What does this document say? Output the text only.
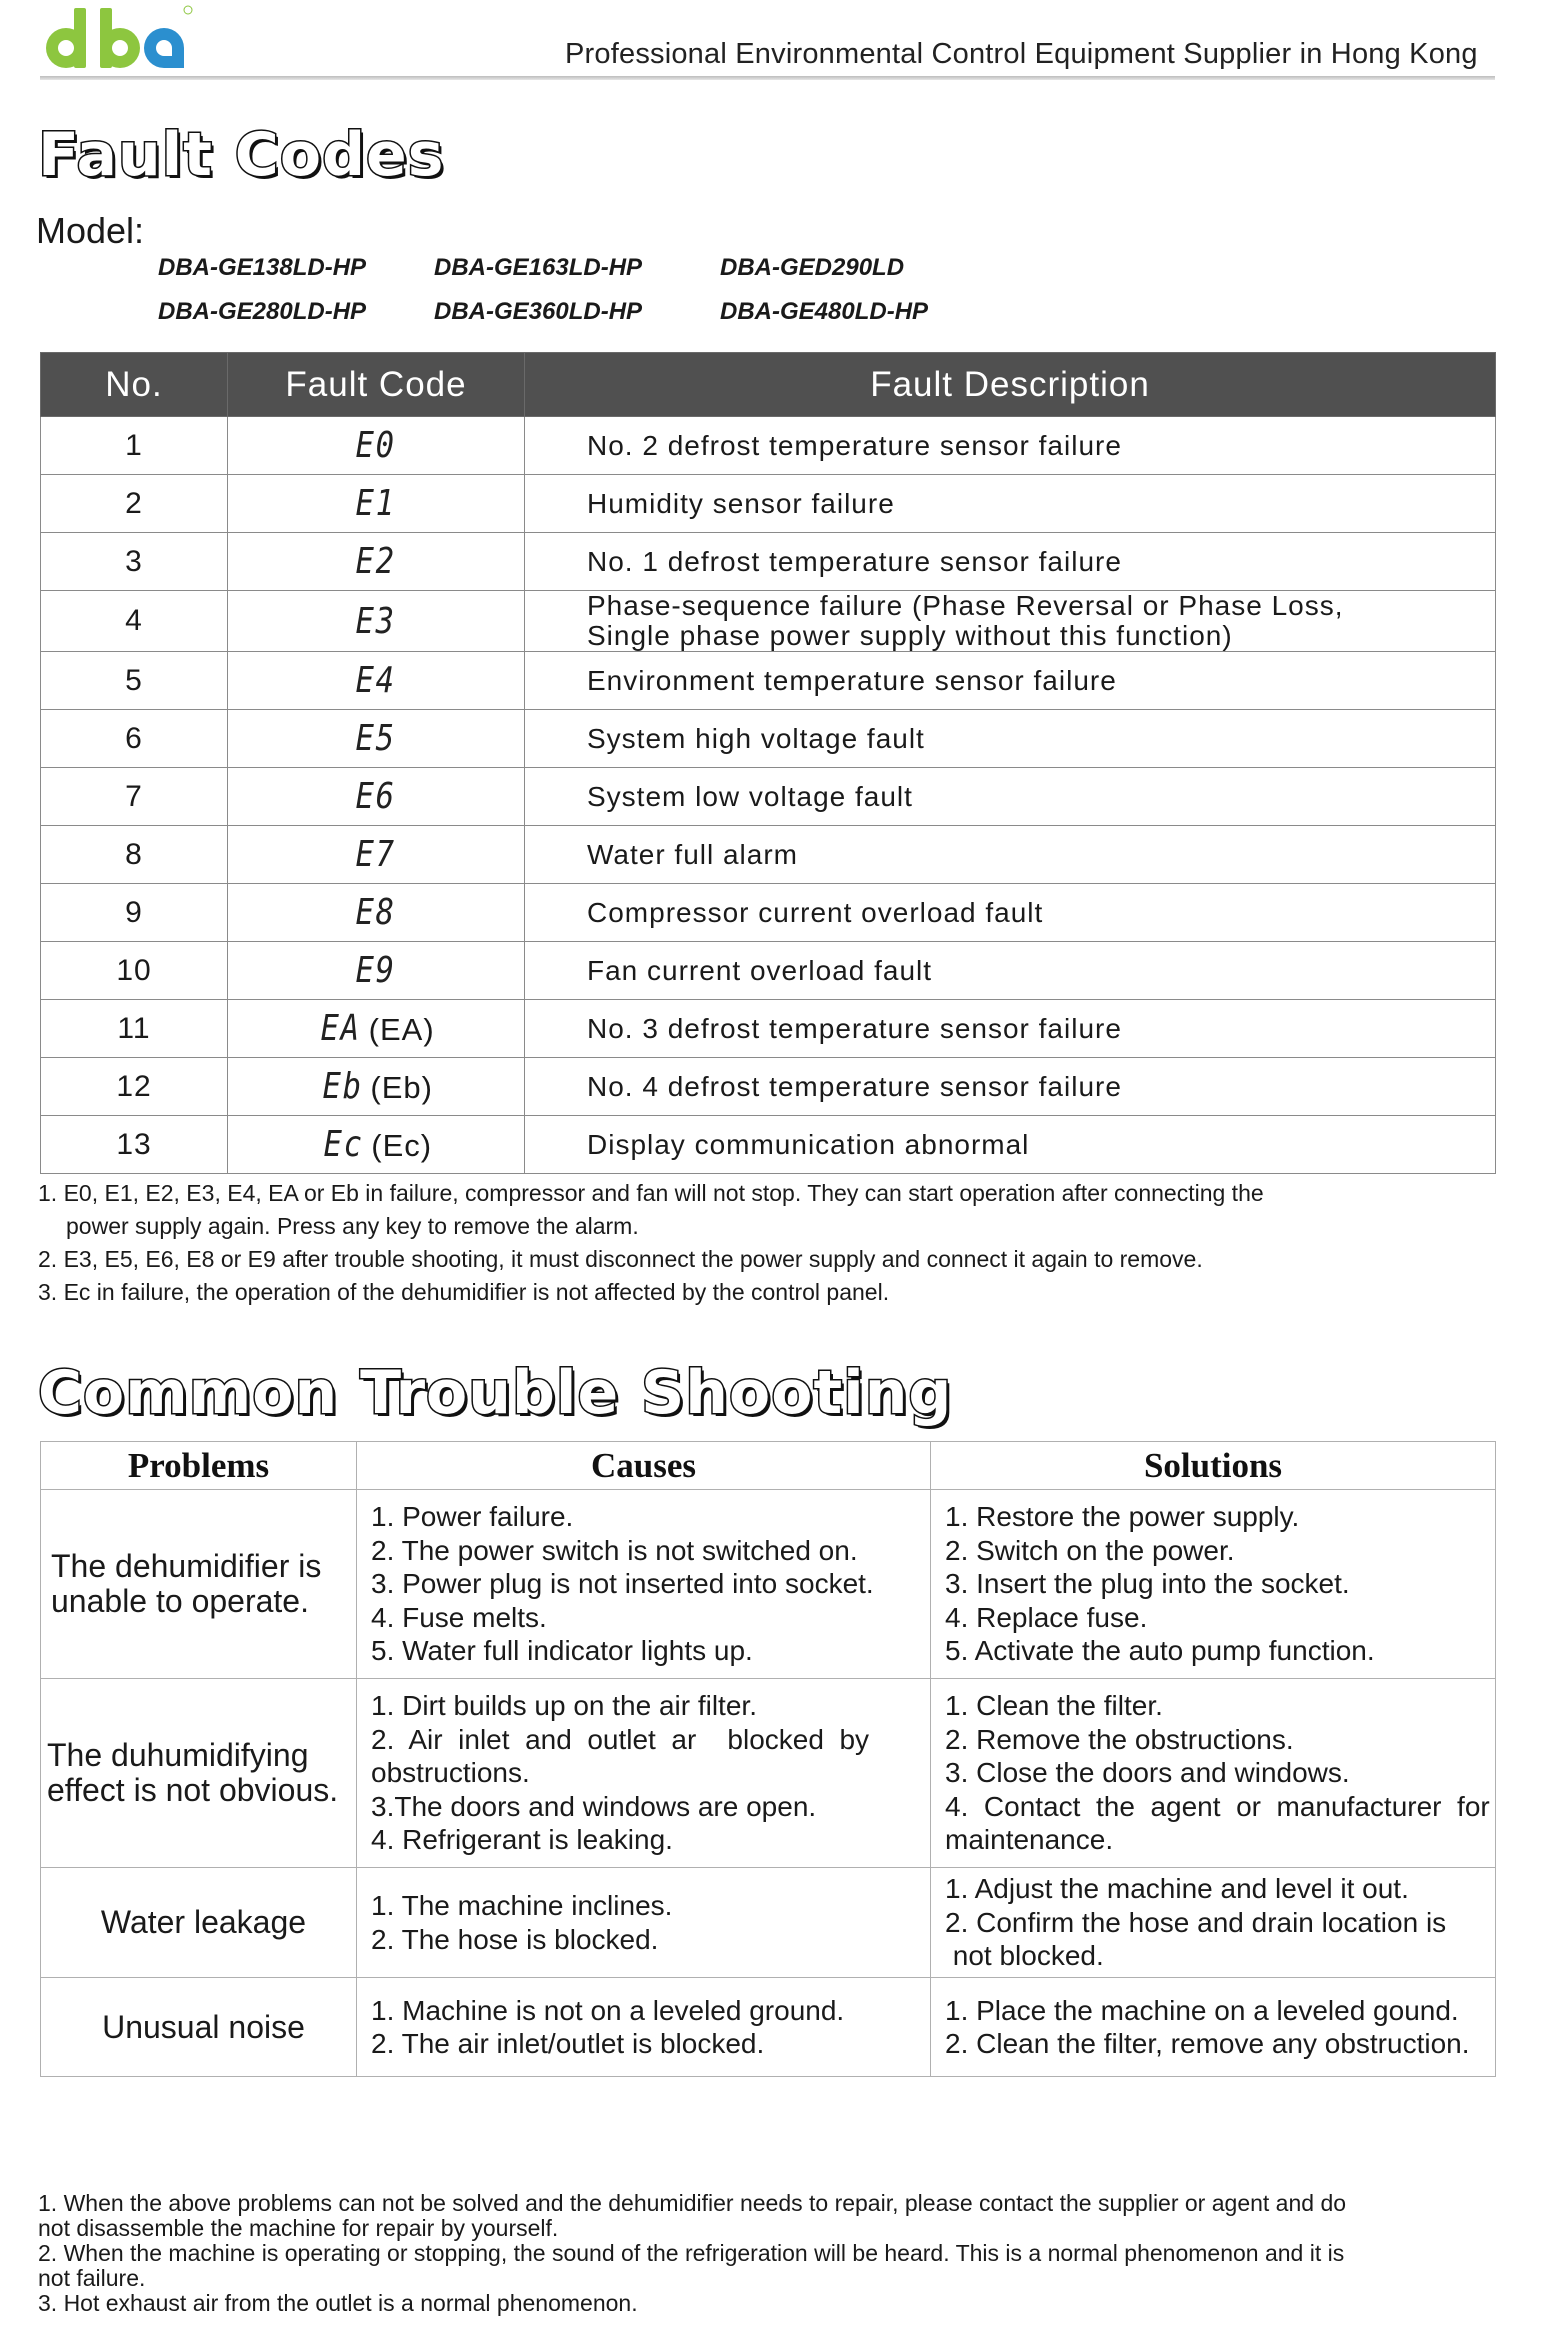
Professional Environmental Control Equipment Supplier in Hong Kong
Fault Codes
Model:
DBA-GE138LD-HP	DBA-GE163LD-HP	DBA-GED290LD
DBA-GE280LD-HP	DBA-GE360LD-HP	DBA-GE480LD-HP
No.	Fault Code	Fault Description
1	E0	No. 2 defrost temperature sensor failure
2	E1	Humidity sensor failure
3	E2	No. 1 defrost temperature sensor failure
4	E3	Phase-sequence failure (Phase Reversal or Phase Loss,
Single phase power supply without this function)

5	E4	Environment temperature sensor failure
6	E5	System high voltage fault
7	E6	System low voltage fault
8	E7	Water full alarm
9	E8	Compressor current overload fault
10	E9	Fan current overload fault
11	EA (EA)	No. 3 defrost temperature sensor failure
12	Eb (Eb)	No. 4 defrost temperature sensor failure
13	Ec (Ec)	Display communication abnormal
1. E0, E1, E2, E3, E4, EA or Eb in failure, compressor and fan will not stop. They can start operation after connecting the
power supply again. Press any key to remove the alarm.
2. E3, E5, E6, E8 or E9 after trouble shooting, it must disconnect the power supply and connect it again to remove.
3. Ec in failure, the operation of the dehumidifier is not affected by the control panel.
Common Trouble Shooting
Problems	Causes	Solutions

The dehumidifier is
unable to operate.	1. Power failure.
2. The power switch is not switched on.
3. Power plug is not inserted into socket.
4. Fuse melts.
5. Water full indicator lights up.	1. Restore the power supply.
2. Switch on the power.
3. Insert the plug into the socket.
4. Replace fuse.
5. Activate the auto pump function.

The duhumidifying
effect is not obvious.	1. Dirt builds up on the air filter.
2.  Air  inlet  and  outlet  ar    blocked  by
obstructions.
3.The doors and windows are open.
4. Refrigerant is leaking.	1. Clean the filter.
2. Remove the obstructions.
3. Close the doors and windows.
4.  Contact  the  agent  or  manufacturer  for
maintenance.

Water leakage	1. The machine inclines.
2. The hose is blocked.	1. Adjust the machine and level it out.
2. Confirm the hose and drain location is
not blocked.

Unusual noise	1. Machine is not on a leveled ground.
2. The air inlet/outlet is blocked.	1. Place the machine on a leveled gound.
2. Clean the filter, remove any obstruction.
1. When the above problems can not be solved and the dehumidifier needs to repair, please contact the supplier or agent and do
not disassemble the machine for repair by yourself.
2. When the machine is operating or stopping, the sound of the refrigeration will be heard. This is a normal phenomenon and it is
not failure.
3. Hot exhaust air from the outlet is a normal phenomenon.
